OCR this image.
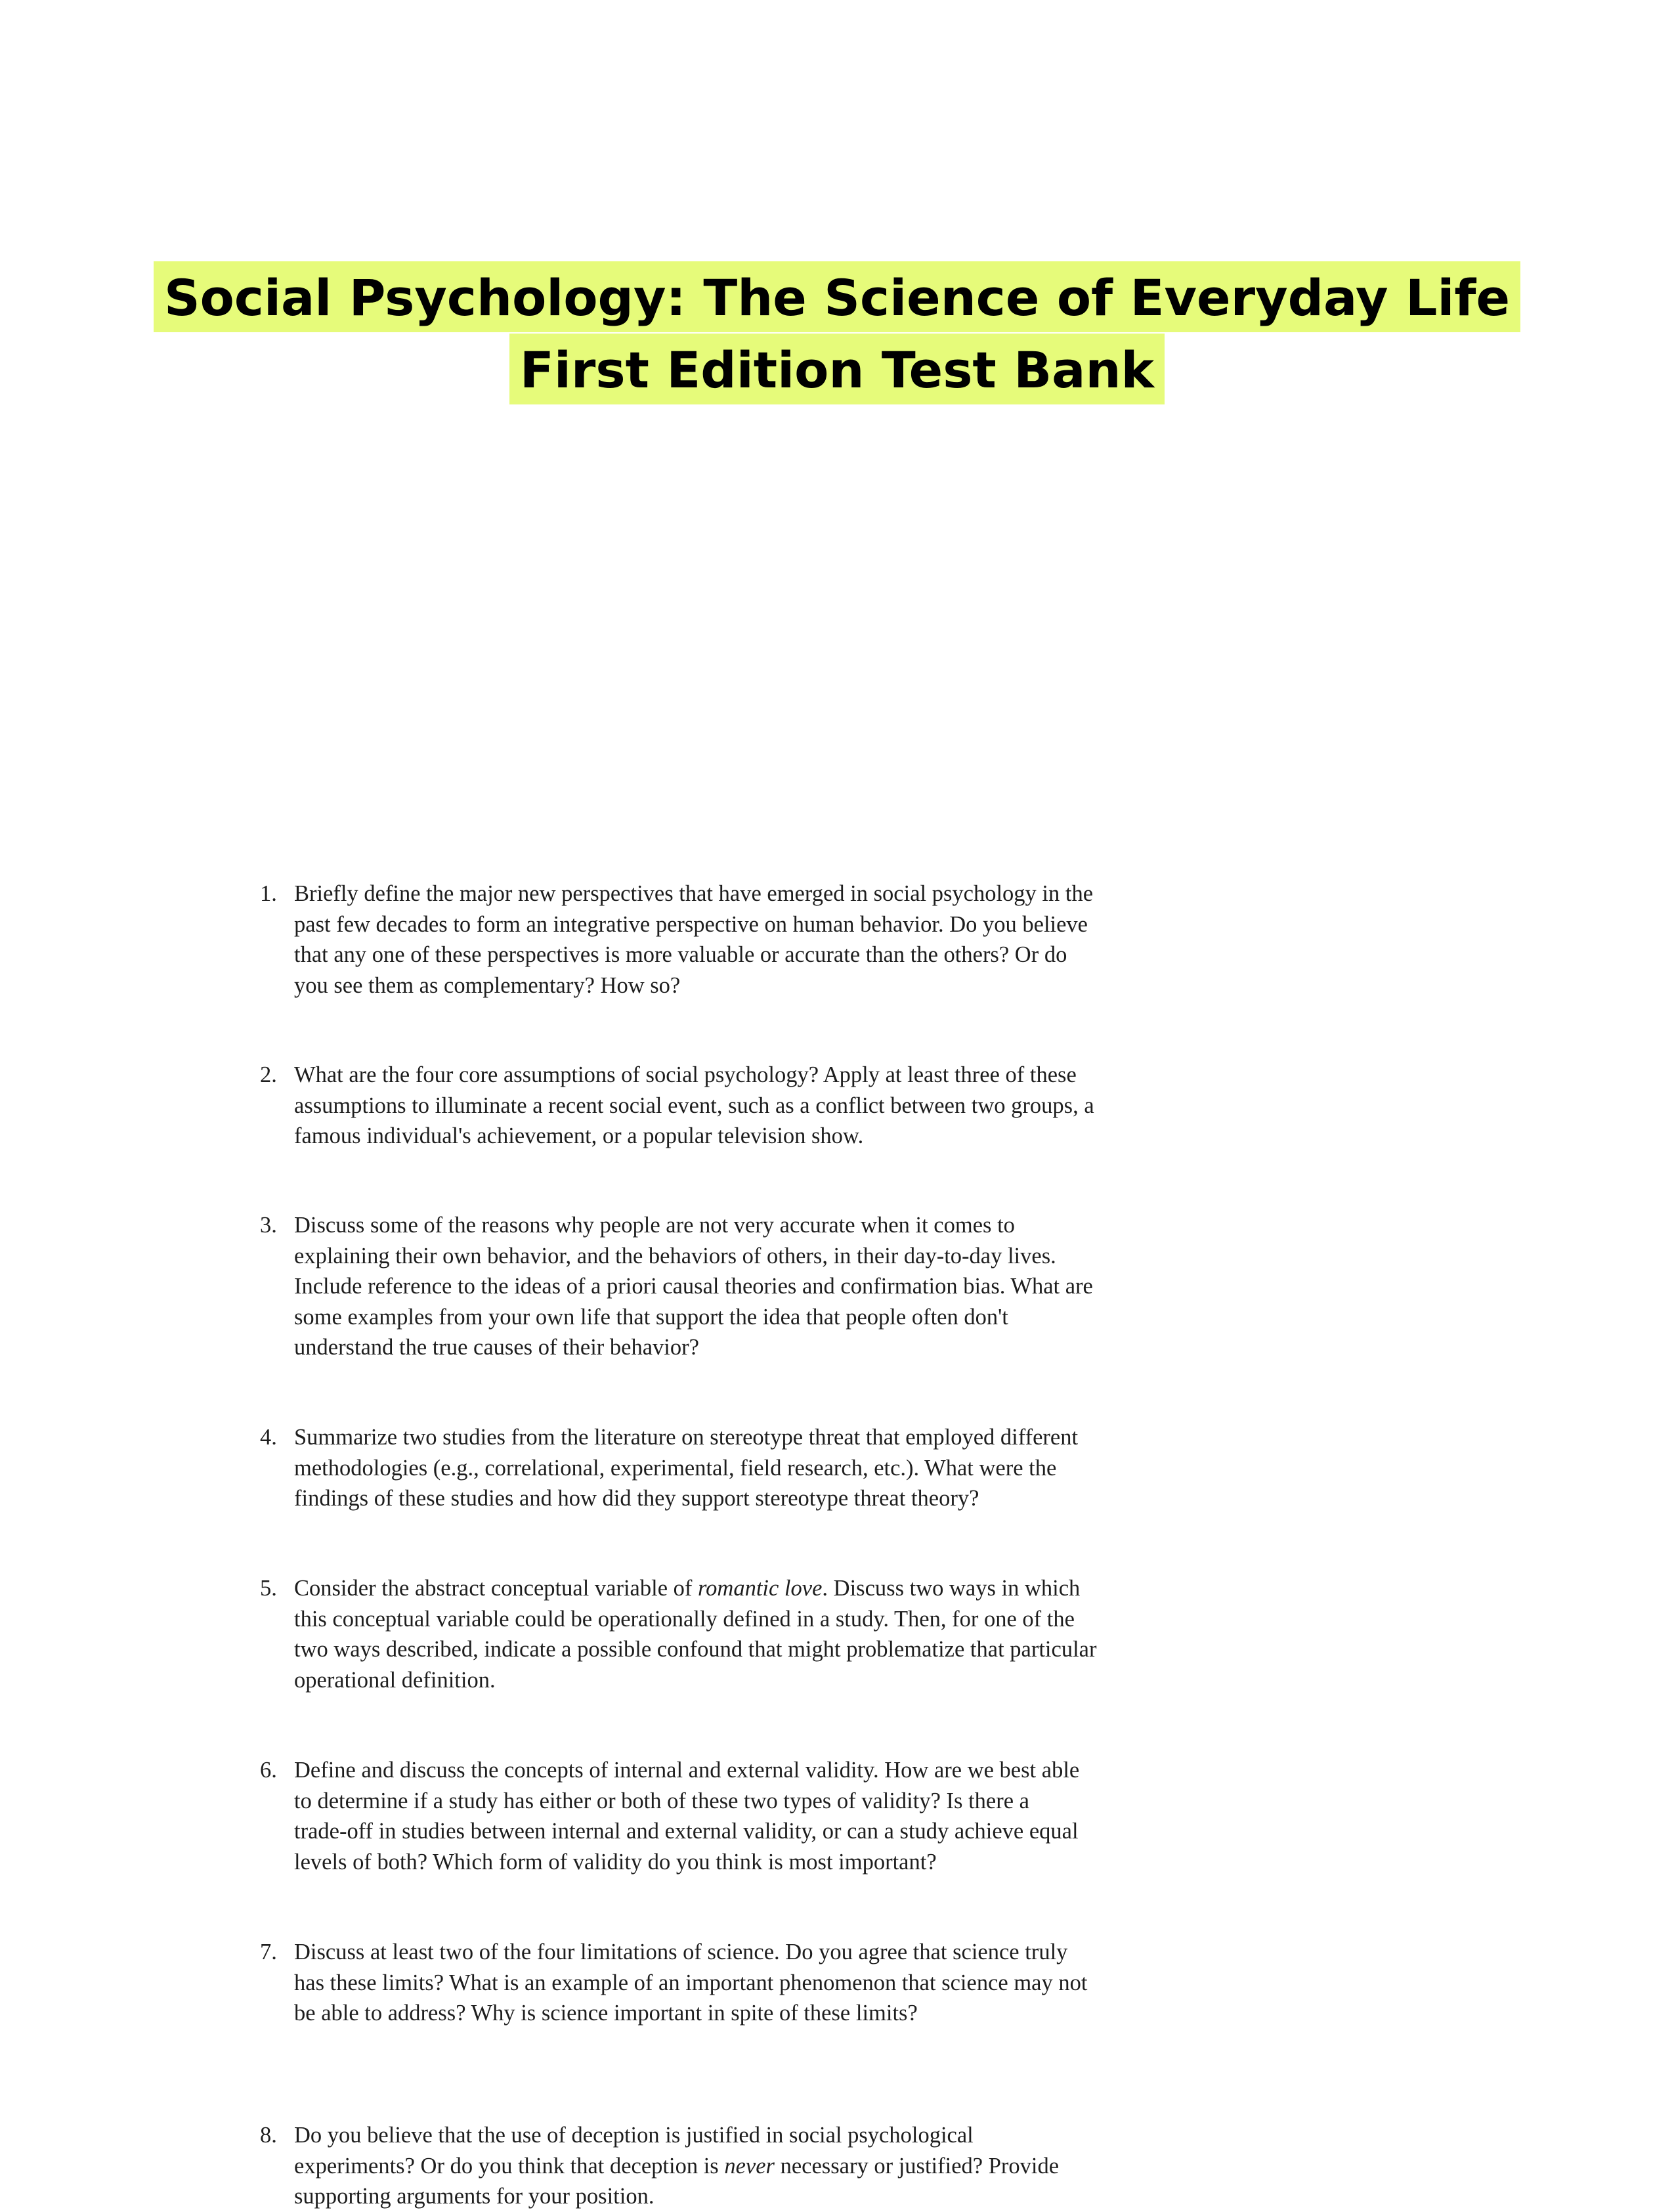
Social Psychology: The Science of Everyday Life
First Edition Test Bank
1. Briefly define the major new perspectives that have emerged in social psychology in the
past few decades to form an integrative perspective on human behavior. Do you believe
that any one of these perspectives is more valuable or accurate than the others? Or do
you see them as complementary? How so?
2. What are the four core assumptions of social psychology? Apply at least three of these
assumptions to illuminate a recent social event, such as a conflict between two groups, a
famous individual's achievement, or a popular television show.
3. Discuss some of the reasons why people are not very accurate when it comes to
explaining their own behavior, and the behaviors of others, in their day-to-day lives.
Include reference to the ideas of a priori causal theories and confirmation bias. What are
some examples from your own life that support the idea that people often don't
understand the true causes of their behavior?
4. Summarize two studies from the literature on stereotype threat that employed different
methodologies (e.g., correlational, experimental, field research, etc.). What were the
findings of these studies and how did they support stereotype threat theory?
5. Consider the abstract conceptual variable of romantic love. Discuss two ways in which
this conceptual variable could be operationally defined in a study. Then, for one of the
two ways described, indicate a possible confound that might problematize that particular
operational definition.
6. Define and discuss the concepts of internal and external validity. How are we best able
to determine if a study has either or both of these two types of validity? Is there a
trade-off in studies between internal and external validity, or can a study achieve equal
levels of both? Which form of validity do you think is most important?
7. Discuss at least two of the four limitations of science. Do you agree that science truly
has these limits? What is an example of an important phenomenon that science may not
be able to address? Why is science important in spite of these limits?
8. Do you believe that the use of deception is justified in social psychological
experiments? Or do you think that deception is never necessary or justified? Provide
supporting arguments for your position.
